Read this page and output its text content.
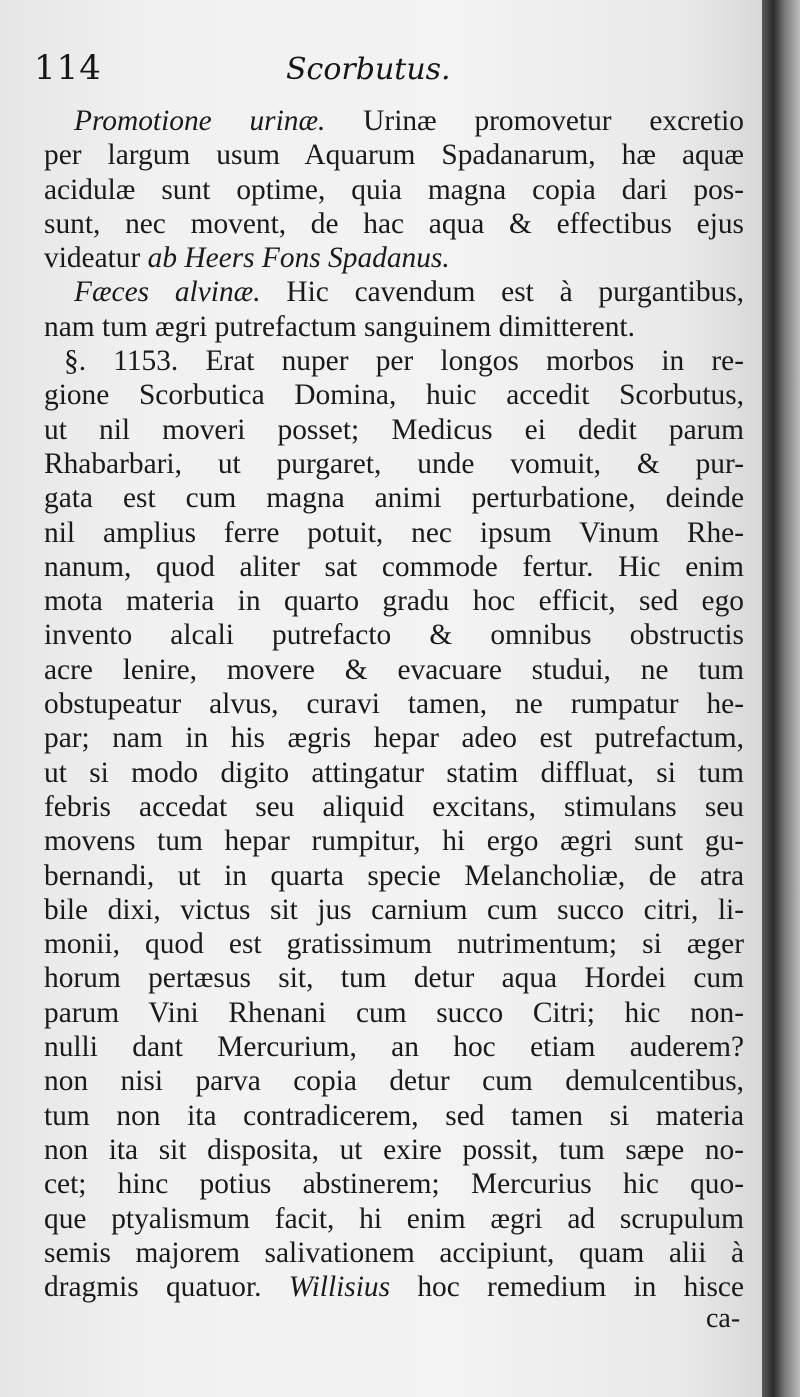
114	Scorbutus.
Promotione urinæ. Urinæ promovetur excretio
per largum usum Aquarum Spadanarum, hæ aquæ
acidulæ sunt optime, quia magna copia dari pos-
sunt, nec movent, de hac aqua & effectibus ejus
videatur ab Heers Fons Spadanus.
Fæces alvinæ. Hic cavendum est à purgantibus,
nam tum ægri putrefactum sanguinem dimitterent.
§. 1153. Erat nuper per longos morbos in re-
gione Scorbutica Domina, huic accedit Scorbutus,
ut nil moveri posset; Medicus ei dedit parum
Rhabarbari, ut purgaret, unde vomuit, & pur-
gata est cum magna animi perturbatione, deinde
nil amplius ferre potuit, nec ipsum Vinum Rhe-
nanum, quod aliter sat commode fertur. Hic enim
mota materia in quarto gradu hoc efficit, sed ego
invento alcali putrefacto & omnibus obstructis
acre lenire, movere & evacuare studui, ne tum
obstupeatur alvus, curavi tamen, ne rumpatur he-
par; nam in his ægris hepar adeo est putrefactum,
ut si modo digito attingatur statim diffluat, si tum
febris accedat seu aliquid excitans, stimulans seu
movens tum hepar rumpitur, hi ergo ægri sunt gu-
bernandi, ut in quarta specie Melancholiæ, de atra
bile dixi, victus sit jus carnium cum succo citri, li-
monii, quod est gratissimum nutrimentum; si æger
horum pertæsus sit, tum detur aqua Hordei cum
parum Vini Rhenani cum succo Citri; hic non-
nulli dant Mercurium, an hoc etiam auderem?
non nisi parva copia detur cum demulcentibus,
tum non ita contradicerem, sed tamen si materia
non ita sit disposita, ut exire possit, tum sæpe no-
cet; hinc potius abstinerem; Mercurius hic quo-
que ptyalismum facit, hi enim ægri ad scrupulum
semis majorem salivationem accipiunt, quam alii à
dragmis quatuor. Willisius hoc remedium in hisce
ca-
